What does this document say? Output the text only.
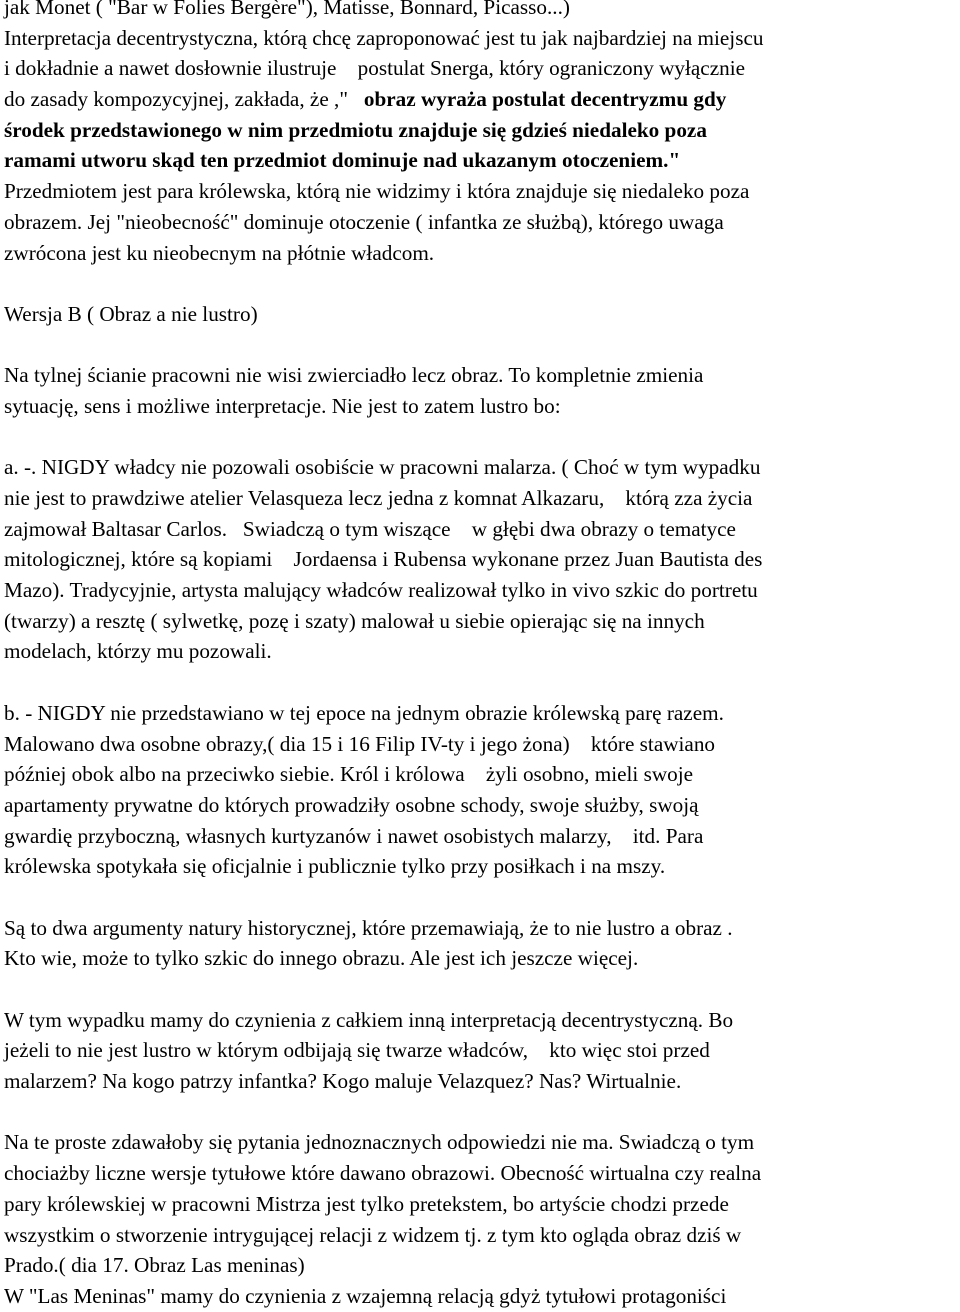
jak Monet ( "Bar w Folies Bergère"), Matisse, Bonnard, Picasso...)
Interpretacja decentrystyczna, którą chcę zaproponować jest tu jak najbardziej na miejscu
i dokładnie a nawet dosłownie ilustruje    postulat Snerga, który ograniczony wyłącznie
do zasady kompozycyjnej, zakłada, że ,"   obraz wyraża postulat decentryzmu gdy
środek przedstawionego w nim przedmiotu znajduje się gdzieś niedaleko poza
ramami utworu skąd ten przedmiot dominuje nad ukazanym otoczeniem."
Przedmiotem jest para królewska, którą nie widzimy i która znajduje się niedaleko poza
obrazem. Jej "nieobecność" dominuje otoczenie ( infantka ze służbą), którego uwaga
zwrócona jest ku nieobecnym na płótnie władcom.
Wersja B ( Obraz a nie lustro)
Na tylnej ścianie pracowni nie wisi zwierciadło lecz obraz. To kompletnie zmienia
sytuację, sens i możliwe interpretacje. Nie jest to zatem lustro bo:
a. -. NIGDY władcy nie pozowali osobiście w pracowni malarza. ( Choć w tym wypadku
nie jest to prawdziwe atelier Velasqueza lecz jedna z komnat Alkazaru,    którą zza życia
zajmował Baltasar Carlos.   Swiadczą o tym wiszące    w głębi dwa obrazy o tematyce
mitologicznej, które są kopiami    Jordaensa i Rubensa wykonane przez Juan Bautista des
Mazo). Tradycyjnie, artysta malujący władców realizował tylko in vivo szkic do portretu
(twarzy) a resztę ( sylwetkę, pozę i szaty) malował u siebie opierając się na innych
modelach, którzy mu pozowali.
b. - NIGDY nie przedstawiano w tej epoce na jednym obrazie królewską parę razem.
Malowano dwa osobne obrazy,( dia 15 i 16 Filip IV-ty i jego żona)    które stawiano
później obok albo na przeciwko siebie. Król i królowa    żyli osobno, mieli swoje
apartamenty prywatne do których prowadziły osobne schody, swoje służby, swoją
gwardię przyboczną, własnych kurtyzanów i nawet osobistych malarzy,    itd. Para
królewska spotykała się oficjalnie i publicznie tylko przy posiłkach i na mszy.
Są to dwa argumenty natury historycznej, które przemawiają, że to nie lustro a obraz .
Kto wie, może to tylko szkic do innego obrazu. Ale jest ich jeszcze więcej.
W tym wypadku mamy do czynienia z całkiem inną interpretacją decentrystyczną. Bo
jeżeli to nie jest lustro w którym odbijają się twarze władców,    kto więc stoi przed
malarzem? Na kogo patrzy infantka? Kogo maluje Velazquez? Nas? Wirtualnie.
Na te proste zdawałoby się pytania jednoznacznych odpowiedzi nie ma. Swiadczą o tym
chociażby liczne wersje tytułowe które dawano obrazowi. Obecność wirtualna czy realna
pary królewskiej w pracowni Mistrza jest tylko pretekstem, bo artyście chodzi przede
wszystkim o stworzenie intrygującej relacji z widzem tj. z tym kto ogląda obraz dziś w
Prado.( dia 17. Obraz Las meninas)
W "Las Meninas" mamy do czynienia z wzajemną relacją gdyż tytułowi protagoniści
